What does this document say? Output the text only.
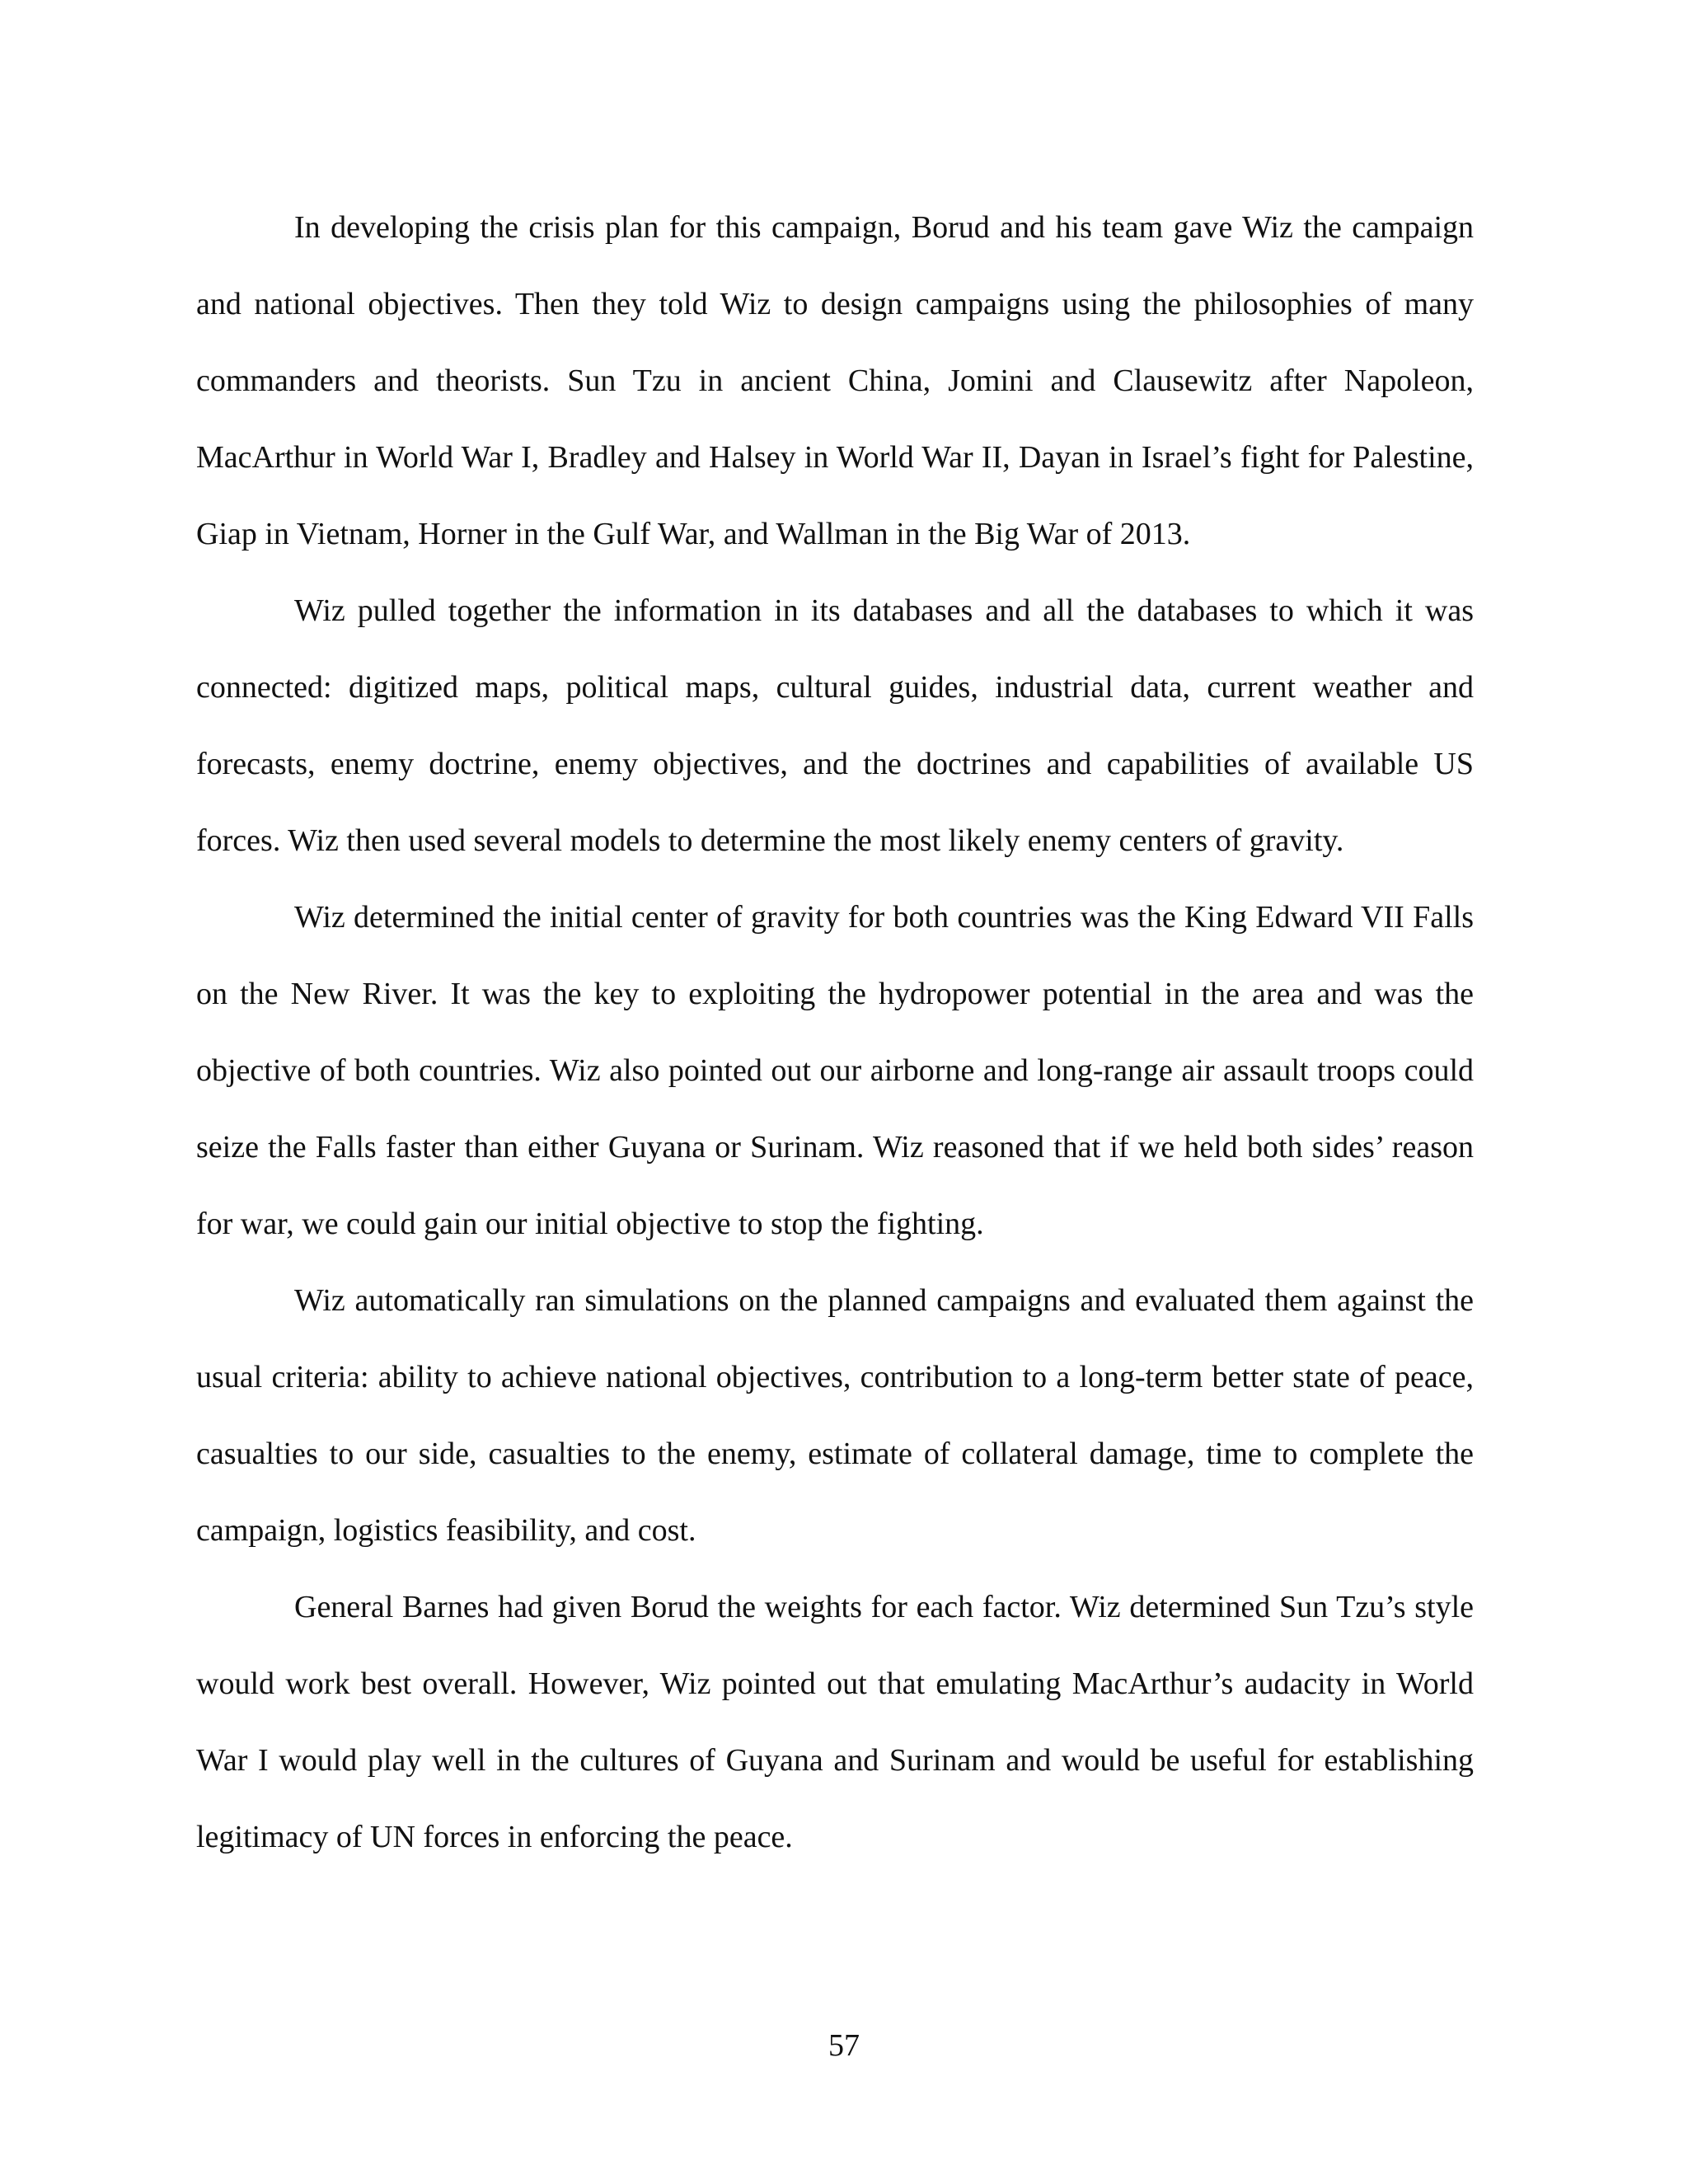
In developing the crisis plan for this campaign, Borud and his team gave Wiz the campaign and national objectives. Then they told Wiz to design campaigns using the philosophies of many commanders and theorists. Sun Tzu in ancient China, Jomini and Clausewitz after Napoleon, MacArthur in World War I, Bradley and Halsey in World War II, Dayan in Israel’s fight for Palestine, Giap in Vietnam, Horner in the Gulf War, and Wallman in the Big War of 2013.

Wiz pulled together the information in its databases and all the databases to which it was connected: digitized maps, political maps, cultural guides, industrial data, current weather and forecasts, enemy doctrine, enemy objectives, and the doctrines and capabilities of available US forces. Wiz then used several models to determine the most likely enemy centers of gravity.

Wiz determined the initial center of gravity for both countries was the King Edward VII Falls on the New River. It was the key to exploiting the hydropower potential in the area and was the objective of both countries. Wiz also pointed out our airborne and long-range air assault troops could seize the Falls faster than either Guyana or Surinam. Wiz reasoned that if we held both sides’ reason for war, we could gain our initial objective to stop the fighting.

Wiz automatically ran simulations on the planned campaigns and evaluated them against the usual criteria: ability to achieve national objectives, contribution to a long-term better state of peace, casualties to our side, casualties to the enemy, estimate of collateral damage, time to complete the campaign, logistics feasibility, and cost.

General Barnes had given Borud the weights for each factor. Wiz determined Sun Tzu’s style would work best overall. However, Wiz pointed out that emulating MacArthur’s audacity in World War I would play well in the cultures of Guyana and Surinam and would be useful for establishing legitimacy of UN forces in enforcing the peace.

57
